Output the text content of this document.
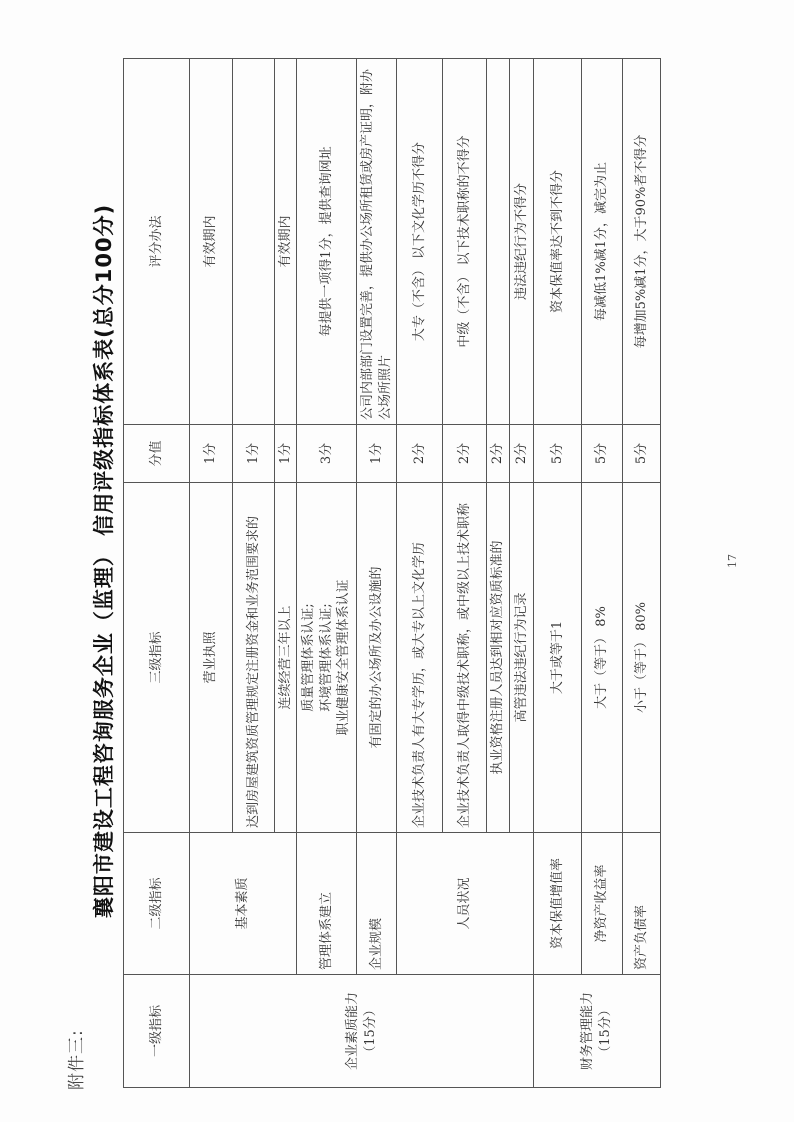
附件三:
襄阳市建设工程咨询服务企业（监理） 信用评级指标体系表(总分100分)
一级指标	二级指标	三级指标	分值	评分办法

企业素质能力 （15分）	基本素质	营业执照	1分	有效期内
		达到房屋建筑资质管理规定注册资金和业务范围要求的	1分	
		连续经营三年以上	1分	有效期内
	管理体系建立	质量管理体系认证; 环境管理体系认证; 职业健康安全管理体系认证	3分	每提供一项得1分，提供查询网址
	企业规模	有固定的办公场所及办公设施的	1分	公司内部部门设置完善，提供办公场所租赁或房产证明，附办公场所照片
	人员状况	企业技术负责人有大专学历，或大专以上文化学历	2分	大专（不含） 以下文化学历不得分
		企业技术负责人取得中级技术职称，或中级以上技术职称	2分	中级（不含） 以下技术职称的不得分
		执业资格注册人员达到相对应资质标准的	2分	
		高管违法违纪行为记录	2分	违法违纪行为不得分

财务管理能力 （15分）	资本保值增值率	大于或等于1	5分	资本保值率达不到不得分
	净资产收益率	大于（等于） 8%	5分	每减低1%减1分，减完为止
	资产负债率	小于（等于） 80%	5分	每增加5%减1分，大于90%者不得分
17
